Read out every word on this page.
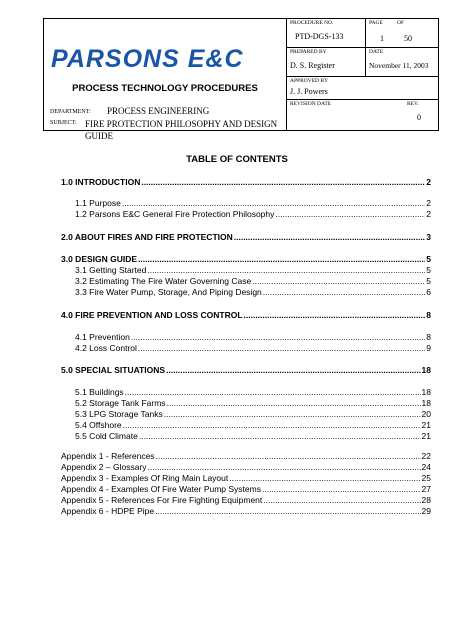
PARSONS E&C
PROCESS TECHNOLOGY PROCEDURES
DEPARTMENT: PROCESS ENGINEERING
SUBJECT: FIRE PROTECTION PHILOSOPHY AND DESIGN GUIDE
PROCEDURE NO.
PTD-DGS-133
PAGE	OF
1	50
PREPARED BY
D. S. Register
DATE
November 11, 2003
APPROVED BY
J. J. Powers
REVISION DATE	REV.
0
TABLE OF CONTENTS
1.0 INTRODUCTION .....	2
1.1 Purpose .....	2
1.2 Parsons E&C General Fire Protection Philosophy .....	2
2.0 ABOUT FIRES AND FIRE PROTECTION .....	3
3.0 DESIGN GUIDE .....	5
3.1 Getting Started .....	5
3.2 Estimating The Fire Water Governing Case .....	5
3.3 Fire Water Pump, Storage, And Piping Design .....	6
4.0 FIRE PREVENTION AND LOSS CONTROL .....	8
4.1 Prevention .....	8
4.2 Loss Control .....	9
5.0 SPECIAL SITUATIONS .....	18
5.1 Buildings .....	18
5.2 Storage Tank Farms .....	18
5.3 LPG Storage Tanks .....	20
5.4 Offshore .....	21
5.5 Cold Climate .....	21
Appendix 1 - References .....	22
Appendix 2 – Glossary .....	24
Appendix 3 - Examples Of Ring Main Layout .....	25
Appendix 4 - Examples Of Fire Water Pump Systems .....	27
Appendix 5 - References For Fire Fighting Equipment .....	28
Appendix 6 - HDPE Pipe .....	29
